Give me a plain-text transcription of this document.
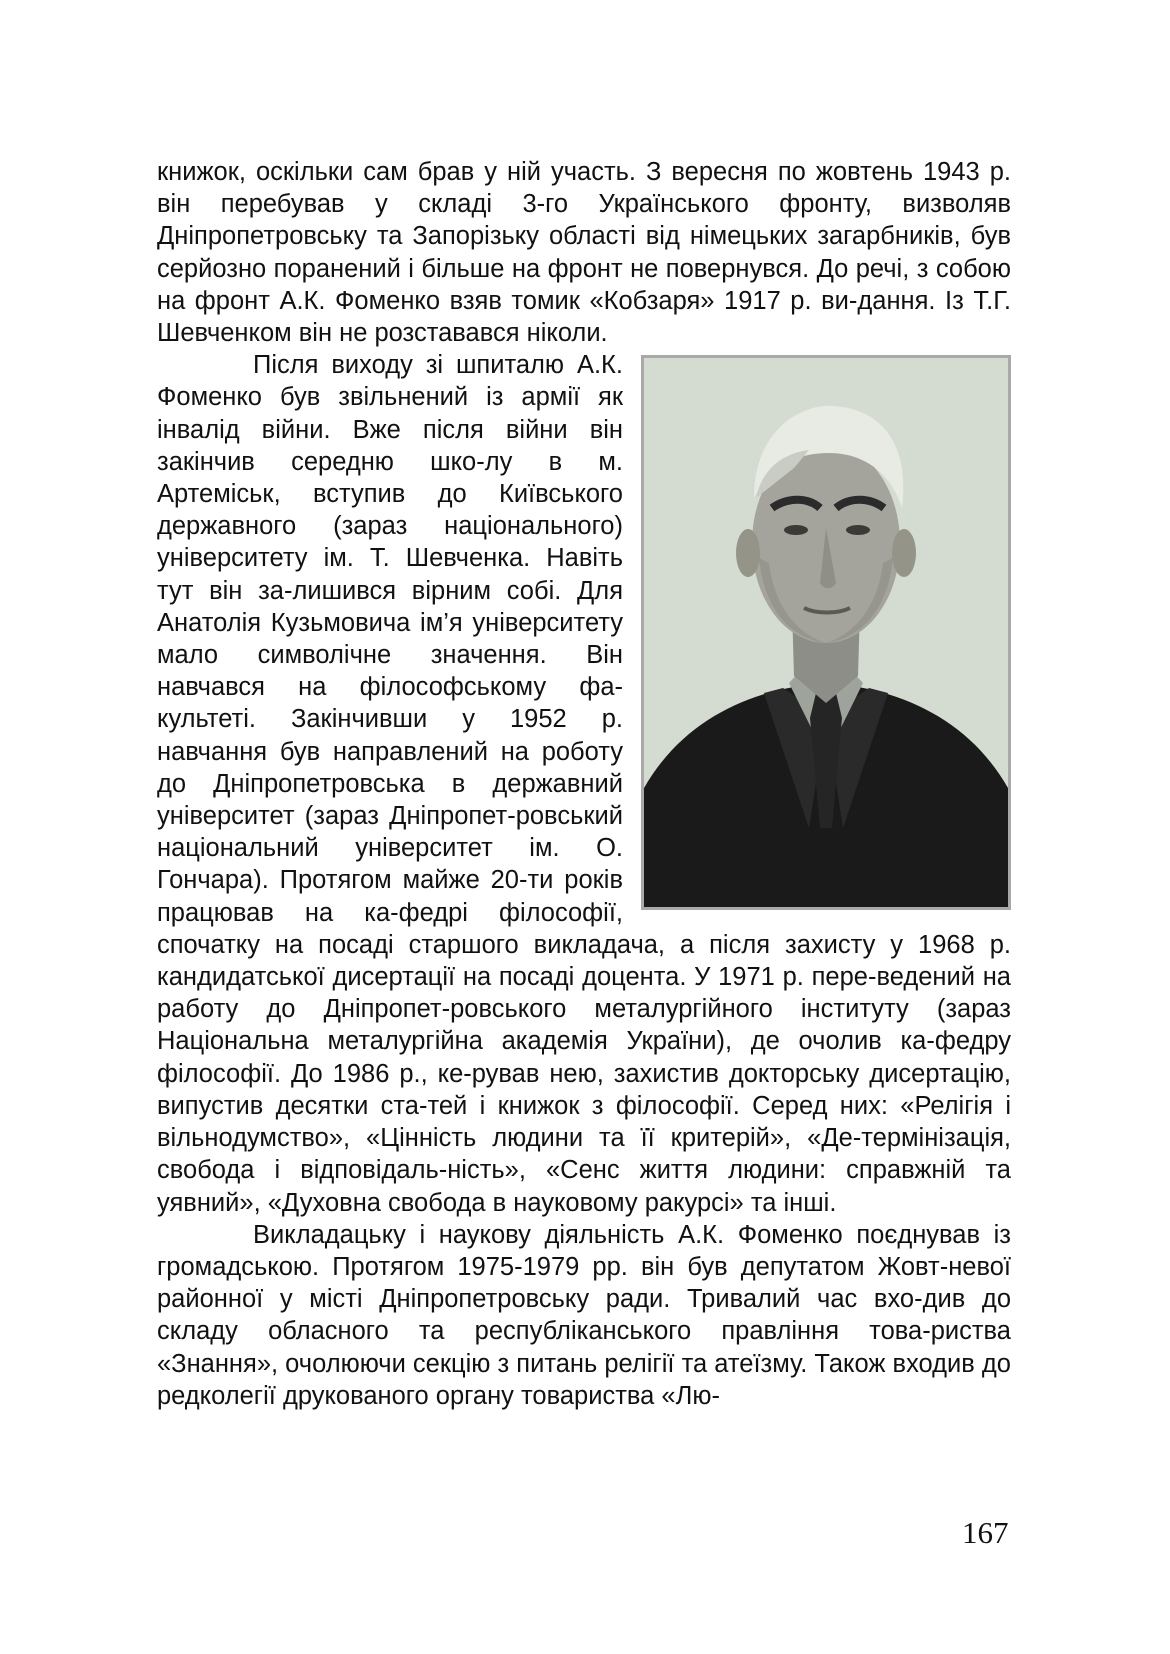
книжок, оскільки сам брав у ній участь. З вересня по жовтень 1943 р. він перебував у складі 3-го Українського фронту, визволяв Дніпропетровську та Запорізьку області від німецьких загарбників, був серйозно поранений і більше на фронт не повернувся. До речі, з собою на фронт А.К. Фоменко взяв томик «Кобзаря» 1917 р. ви-дання. Із Т.Г. Шевченком він не розставався ніколи.

Після виходу зі шпиталю А.К. Фоменко був звільнений із армії як інвалід війни. Вже після війни він закінчив середню шко-лу в м. Артеміськ, вступив до Київського державного (зараз національного) університету ім. Т. Шевченка. Навіть тут він за-лишився вірним собі. Для Анатолія Кузьмовича ім’я університету мало символічне значення. Він навчався на філософському фа-культеті. Закінчивши у 1952 р. навчання був направлений на роботу до Дніпропетровська в державний університет (зараз Дніпропет-ровський національний університет ім. О. Гончара). Протягом майже 20-ти років працював на ка-федрі філософії, спочатку на посаді старшого викладача, а після захисту у 1968 р. кандидатської дисертації на посаді доцента. У 1971 р. пере-ведений на работу до Дніпропет-ровського металургійного інституту (зараз Національна металургійна академія України), де очолив ка-федру філософії. До 1986 р., ке-рував нею, захистив докторську дисертацію, випустив десятки ста-тей і книжок з філософії. Серед них: «Релігія і вільнодумство», «Цінність людини та її критерій», «Де-термінізація, свобода і відповідаль-ність», «Сенс життя людини: справжній та уявний», «Духовна свобода в науковому ракурсі» та інші.

Викладацьку і наукову діяльність А.К. Фоменко поєднував із громадською. Протягом 1975-1979 рр. він був депутатом Жовт-невої районної у місті Дніпропетровську ради. Тривалий час вхо-див до складу обласного та республіканського правління това-риства «Знання», очолюючи секцію з питань релігії та атеїзму. Також входив до редколегії друкованого органу товариства «Лю-

167
